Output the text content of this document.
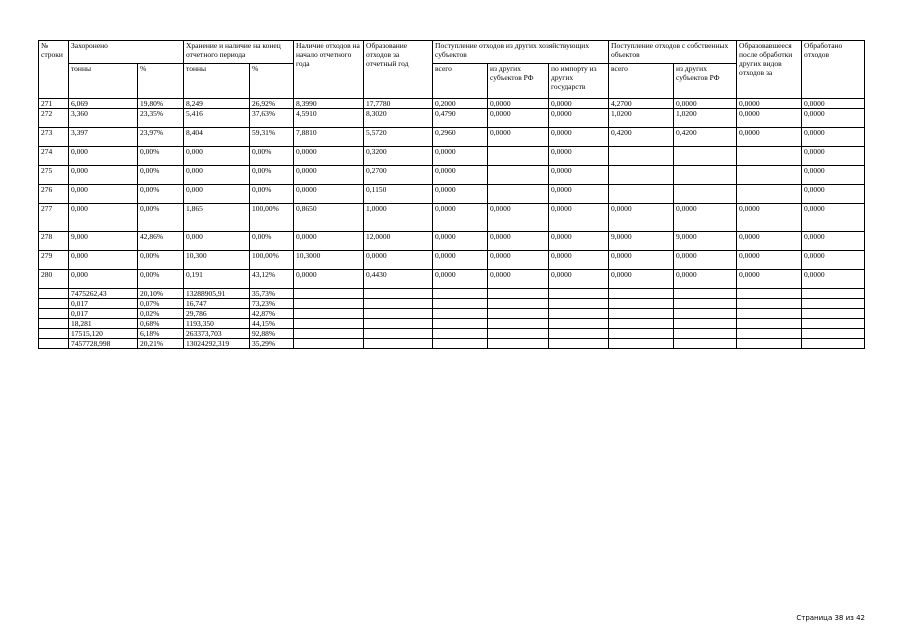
№ строки	Захоронено		Хранение и наличие на конец отчетного периода		Наличие отходов на начало отчетного года	Образование отходов за отчетный год	Поступление отходов из других хозяйствующих субъектов			Поступление отходов с собственных объектов		Образовавшееся после обработки других видов отходов за	Обработано отходов
	тонны	%	тонны	%			всего	из других субъектов РФ	по импорту из других государств	всего	из других субъектов РФ		
271	6,069	19,80%	8,249	26,92%	8,3990	17,7780	0,2000	0,0000	0,0000	4,2700	0,0000	0,0000	0,0000
272	3,360	23,35%	5,416	37,63%	4,5910	8,3020	0,4790	0,0000	0,0000	1,0200	1,0200	0,0000	0,0000
273	3,397	23,97%	8,404	59,31%	7,8810	5,5720	0,2960	0,0000	0,0000	0,4200	0,4200	0,0000	0,0000
274	0,000	0,00%	0,000	0,00%	0,0000	0,3200	0,0000		0,0000				0,0000
275	0,000	0,00%	0,000	0,00%	0,0000	0,2700	0,0000		0,0000				0,0000
276	0,000	0,00%	0,000	0,00%	0,0000	0,1150	0,0000		0,0000				0,0000
277	0,000	0,00%	1,865	100,00%	0,8650	1,0000	0,0000	0,0000	0,0000	0,0000	0,0000	0,0000	0,0000
278	9,000	42,86%	0,000	0,00%	0,0000	12,0000	0,0000	0,0000	0,0000	9,0000	9,0000	0,0000	0,0000
279	0,000	0,00%	10,300	100,00%	10,3000	0,0000	0,0000	0,0000	0,0000	0,0000	0,0000	0,0000	0,0000
280	0,000	0,00%	0,191	43,12%	0,0000	0,4430	0,0000	0,0000	0,0000	0,0000	0,0000	0,0000	0,0000
	7475262,43	20,10%	13288905,91	35,73%									
	0,017	0,07%	16,747	73,23%									
	0,017	0,02%	29,786	42,87%									
	18,281	0,68%	1193,350	44,15%									
	17515,120	6,18%	263373,703	92,88%									
	7457728,998	20,21%	13024292,319	35,29%									
Страница 38 из 42
